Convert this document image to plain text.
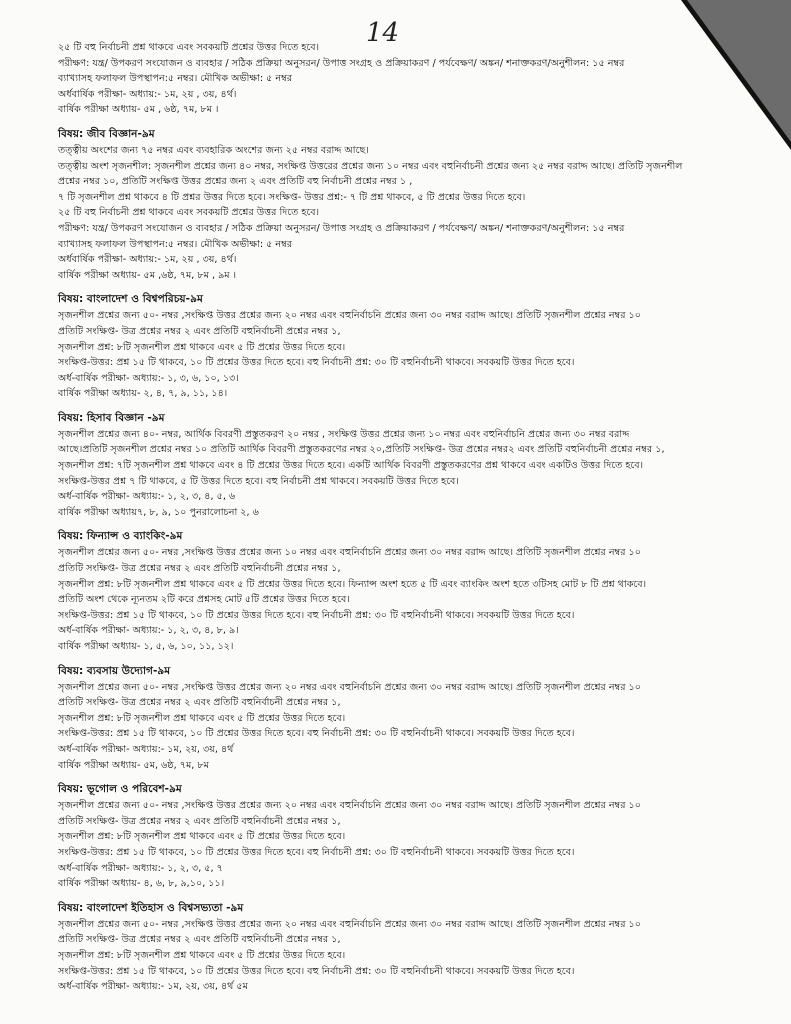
14
২৫ টি বহু নির্বাচনী প্রশ্ন থাকবে এবং সবকয়টি প্রশ্নের উত্তর দিতে হবে।
পরীক্ষণ: যন্ত্র/ উপকরণ সংযোজন ও ব্যবহার / সঠিক প্রক্রিয়া অনুসরন/ উপাত্ত সংগ্রহ ও প্রক্রিয়াকরণ / পর্যবেক্ষণ/ অঙ্কন/ শনাক্তকরণ/অনুশীলন: ১৫ নম্বর
ব্যাখ্যাসহ ফলাফল উপস্থাপন:৫ নম্বর। মৌখিক অভীক্ষা: ৫ নম্বর
অর্ধবার্ষিক পরীক্ষা- অধ্যায়:- ১ম, ২য় , ৩য়, ৪র্থ।
বার্ষিক পরীক্ষা অধ্যায়- ৫ম , ৬ষ্ঠ, ৭ম, ৮ম ।
বিষয়: জীব বিজ্ঞান-৯ম
তত্ত্বীয় অংশের জন্য ৭৫ নম্বর এবং ব্যবহারিক অংশের জন্য ২৫ নম্বর বরাদ্দ আছে।
তত্ত্বীয় অংশ সৃজনশীল: সৃজনশীল প্রশ্নের জন্য ৪০ নম্বর, সংক্ষিপ্ত উত্তরের প্রশ্নের জন্য ১০ নম্বর এবং বহুনির্বাচনী প্রশ্নের জন্য ২৫ নম্বর বরাদ্দ আছে। প্রতিটি সৃজনশীল
প্রশ্নের নম্বর ১০, প্রতিটি সংক্ষিপ্ত উত্তর প্রশ্নের জন্য ২ এবং প্রতিটি বহু নির্বাচনী প্রশ্নের নম্বর ১ ,
৭ টি সৃজনশীল প্রশ্ন থাকবে ৪ টি প্রশ্নর উত্তর দিতে হবে। সংক্ষিপ্ত- উত্তর প্রশ্ন:- ৭ টি প্রশ্ন থাকবে, ৫ টি প্রশ্নের উত্তর দিতে হবে।
২৫ টি বহু নির্বাচনী প্রশ্ন থাকবে এবং সবকয়টি প্রশ্নের উত্তর দিতে হবে।
পরীক্ষণ: যন্ত্র/ উপকরণ সংযোজন ও ব্যবহার / সঠিক প্রক্রিয়া অনুসরন/ উপাত্ত সংগ্রহ ও প্রক্রিয়াকরণ / পর্যবেক্ষণ/ অঙ্কন/ শনাক্তকরণ/অনুশীলন: ১৫ নম্বর
ব্যাখ্যাসহ ফলাফল উপস্থাপন:৫ নম্বর। মৌখিক অভীক্ষা: ৫ নম্বর
অর্ধবার্ষিক পরীক্ষা- অধ্যায়:- ১ম, ২য় , ৩য়, ৪র্থ।
বার্ষিক পরীক্ষা অধ্যায়- ৫ম ,৬ষ্ঠ, ৭ম, ৮ম , ৯ম ।
বিষয়: বাংলাদেশ ও বিশ্বপরিচয়-৯ম
সৃজনশীল প্রশ্নের জন্য ৫০- নম্বর ,সংক্ষিপ্ত উত্তর প্রশ্নের জন্য ২০ নম্বর এবং বহুনির্বাচনি প্রশ্নের জন্য ৩০ নম্বর বরাদ্দ আছে। প্রতিটি সৃজনশীল প্রশ্নের নম্বর ১০
প্রতিটি সংক্ষিপ্ত- উত্র প্রশ্নের নম্বর ২ এবং প্রতিটি বহুনির্বাচনী প্রশ্নের নম্বর ১,
সৃজনশীল প্রশ্ন: ৮টি সৃজনশীল প্রশ্ন থাকবে এবং ৫ টি প্রশ্নের উত্তর দিতে হবে।
সংক্ষিপ্ত-উত্তর: প্রশ্ন ১৫ টি থাকবে, ১০ টি প্রশ্নের উত্তর দিতে হবে। বহু নির্বাচনী প্রশ্ন: ৩০ টি বহুনির্বাচনী থাকবে। সবকয়টি উত্তর দিতে হবে।
অর্ধ-বার্ষিক পরীক্ষা- অধ্যায়:- ১, ৩, ৬, ১০, ১৩।
বার্ষিক পরীক্ষা অধ্যায়- ২, ৪, ৭, ৯, ১১, ১৪।
বিষয়: হিসাব বিজ্ঞান -৯ম
সৃজনশীল প্রশ্নের জন্য ৪০- নম্বর, আর্থিক বিবরণী প্রস্তুতকরণ ২০ নম্বর , সংক্ষিপ্ত উত্তর প্রশ্নের জন্য ১০ নম্বর এবং বহুনির্বাচনি প্রশ্নের জন্য ৩০ নম্বর বরাদ্দ
আছে।প্রতিটি সৃজনশীল প্রশ্নের নম্বর ১০ প্রতিটি আর্থিক বিবরণী প্রস্তুতকরণের নম্বর ২০,প্রতিটি সংক্ষিপ্ত- উত্র প্রশ্নের নম্বর২ এবং প্রতিটি বহুনির্বাচনী প্রশ্নের নম্বর ১,
সৃজনশীল প্রশ্ন: ৭টি সৃজনশীল প্রশ্ন থাকবে এবং ৪ টি প্রশ্নের উত্তর দিতে হবে। একটি আর্থিক বিবরণী প্রস্তুতকরণের প্রশ্ন থাকবে এবং একটিও উত্তর দিতে হবে।
সংক্ষিপ্ত-উত্তর প্রশ্ন ৭ টি থাকবে, ৫ টি উত্তর দিতে হবে। বহু নির্বাচনী প্রশ্ন থাকবে। সবকয়টি উত্তর দিতে হবে।
অর্ধ-বার্ষিক পরীক্ষা- অধ্যায়:- ১, ২, ৩, ৪, ৫, ৬
বার্ষিক পরীক্ষা অধ্যায়৭, ৮, ৯, ১০ পুনরালোচনা ২, ৬
বিষয়: ফিন্যান্স ও ব্যাংকিং-৯ম
সৃজনশীল প্রশ্নের জন্য ৫০- নম্বর ,সংক্ষিপ্ত উত্তর প্রশ্নের জন্য ১০ নম্বর এবং বহুনির্বাচনি প্রশ্নের জন্য ৩০ নম্বর বরাদ্দ আছে। প্রতিটি সৃজনশীল প্রশ্নের নম্বর ১০
প্রতিটি সংক্ষিপ্ত- উত্র প্রশ্নের নম্বর ২ এবং প্রতিটি বহুনির্বাচনী প্রশ্নের নম্বর ১,
সৃজনশীল প্রশ্ন: ৮টি সৃজনশীল প্রশ্ন থাকবে এবং ৫ টি প্রশ্নের উত্তর দিতে হবে। ফিন্যান্স অংশ হতে ৫ টি এবং ব্যাংকিং অংশ হতে ৩টিসহ মোট ৮ টি প্রশ্ন থাকবে।
প্রতিটি অংশ থেকে ন্যূনতম ২টি করে প্রশ্নসহ মোট ৫টি প্রশ্নের উত্তর দিতে হবে।
সংক্ষিপ্ত-উত্তর: প্রশ্ন ১৫ টি থাকবে, ১০ টি প্রশ্নের উত্তর দিতে হবে। বহু নির্বাচনী প্রশ্ন: ৩০ টি বহুনির্বাচনী থাকবে। সবকয়টি উত্তর দিতে হবে।
অর্ধ-বার্ষিক পরীক্ষা- অধ্যায়:- ১, ২, ৩, ৪, ৮, ৯।
বার্ষিক পরীক্ষা অধ্যায়- ১, ৫, ৬, ১০, ১১, ১২।
বিষয়: ব্যবসায় উদ্যোগ-৯ম
সৃজনশীল প্রশ্নের জন্য ৫০- নম্বর ,সংক্ষিপ্ত উত্তর প্রশ্নের জন্য ২০ নম্বর এবং বহুনির্বাচনি প্রশ্নের জন্য ৩০ নম্বর বরাদ্দ আছে। প্রতিটি সৃজনশীল প্রশ্নের নম্বর ১০
প্রতিটি সংক্ষিপ্ত- উত্র প্রশ্নের নম্বর ২ এবং প্রতিটি বহুনির্বাচনী প্রশ্নের নম্বর ১,
সৃজনশীল প্রশ্ন: ৮টি সৃজনশীল প্রশ্ন থাকবে এবং ৫ টি প্রশ্নের উত্তর দিতে হবে।
সংক্ষিপ্ত-উত্তর: প্রশ্ন ১৫ টি থাকবে, ১০ টি প্রশ্নের উত্তর দিতে হবে। বহু নির্বাচনী প্রশ্ন: ৩০ টি বহুনির্বাচনী থাকবে। সবকয়টি উত্তর দিতে হবে।
অর্ধ-বার্ষিক পরীক্ষা- অধ্যায়:- ১ম, ২য়, ৩য়, ৪র্থ
বার্ষিক পরীক্ষা অধ্যায়- ৫ম, ৬ষ্ঠ, ৭ম, ৮ম
বিষয়: ভূগোল ও পরিবেশ-৯ম
সৃজনশীল প্রশ্নের জন্য ৫০- নম্বর ,সংক্ষিপ্ত উত্তর প্রশ্নের জন্য ২০ নম্বর এবং বহুনির্বাচনি প্রশ্নের জন্য ৩০ নম্বর বরাদ্দ আছে। প্রতিটি সৃজনশীল প্রশ্নের নম্বর ১০
প্রতিটি সংক্ষিপ্ত- উত্র প্রশ্নের নম্বর ২ এবং প্রতিটি বহুনির্বাচনী প্রশ্নের নম্বর ১,
সৃজনশীল প্রশ্ন: ৮টি সৃজনশীল প্রশ্ন থাকবে এবং ৫ টি প্রশ্নের উত্তর দিতে হবে।
সংক্ষিপ্ত-উত্তর: প্রশ্ন ১৫ টি থাকবে, ১০ টি প্রশ্নের উত্তর দিতে হবে। বহু নির্বাচনী প্রশ্ন: ৩০ টি বহুনির্বাচনী থাকবে। সবকয়টি উত্তর দিতে হবে।
অর্ধ-বার্ষিক পরীক্ষা- অধ্যায়:- ১, ২, ৩, ৫, ৭
বার্ষিক পরীক্ষা অধ্যায়- ৪, ৬, ৮, ৯,১০, ১১।
বিষয়: বাংলাদেশ ইতিহাস ও বিশ্বসভ্যতা -৯ম
সৃজনশীল প্রশ্নের জন্য ৫০- নম্বর ,সংক্ষিপ্ত উত্তর প্রশ্নের জন্য ২০ নম্বর এবং বহুনির্বাচনি প্রশ্নের জন্য ৩০ নম্বর বরাদ্দ আছে। প্রতিটি সৃজনশীল প্রশ্নের নম্বর ১০
প্রতিটি সংক্ষিপ্ত- উত্র প্রশ্নের নম্বর ২ এবং প্রতিটি বহুনির্বাচনী প্রশ্নের নম্বর ১,
সৃজনশীল প্রশ্ন: ৮টি সৃজনশীল প্রশ্ন থাকবে এবং ৫ টি প্রশ্নের উত্তর দিতে হবে।
সংক্ষিপ্ত-উত্তর: প্রশ্ন ১৫ টি থাকবে, ১০ টি প্রশ্নের উত্তর দিতে হবে। বহু নির্বাচনী প্রশ্ন: ৩০ টি বহুনির্বাচনী থাকবে। সবকয়টি উত্তর দিতে হবে।
অর্ধ-বার্ষিক পরীক্ষা- অধ্যায়:- ১ম, ২য়, ৩য়, ৪র্থ ৫ম
